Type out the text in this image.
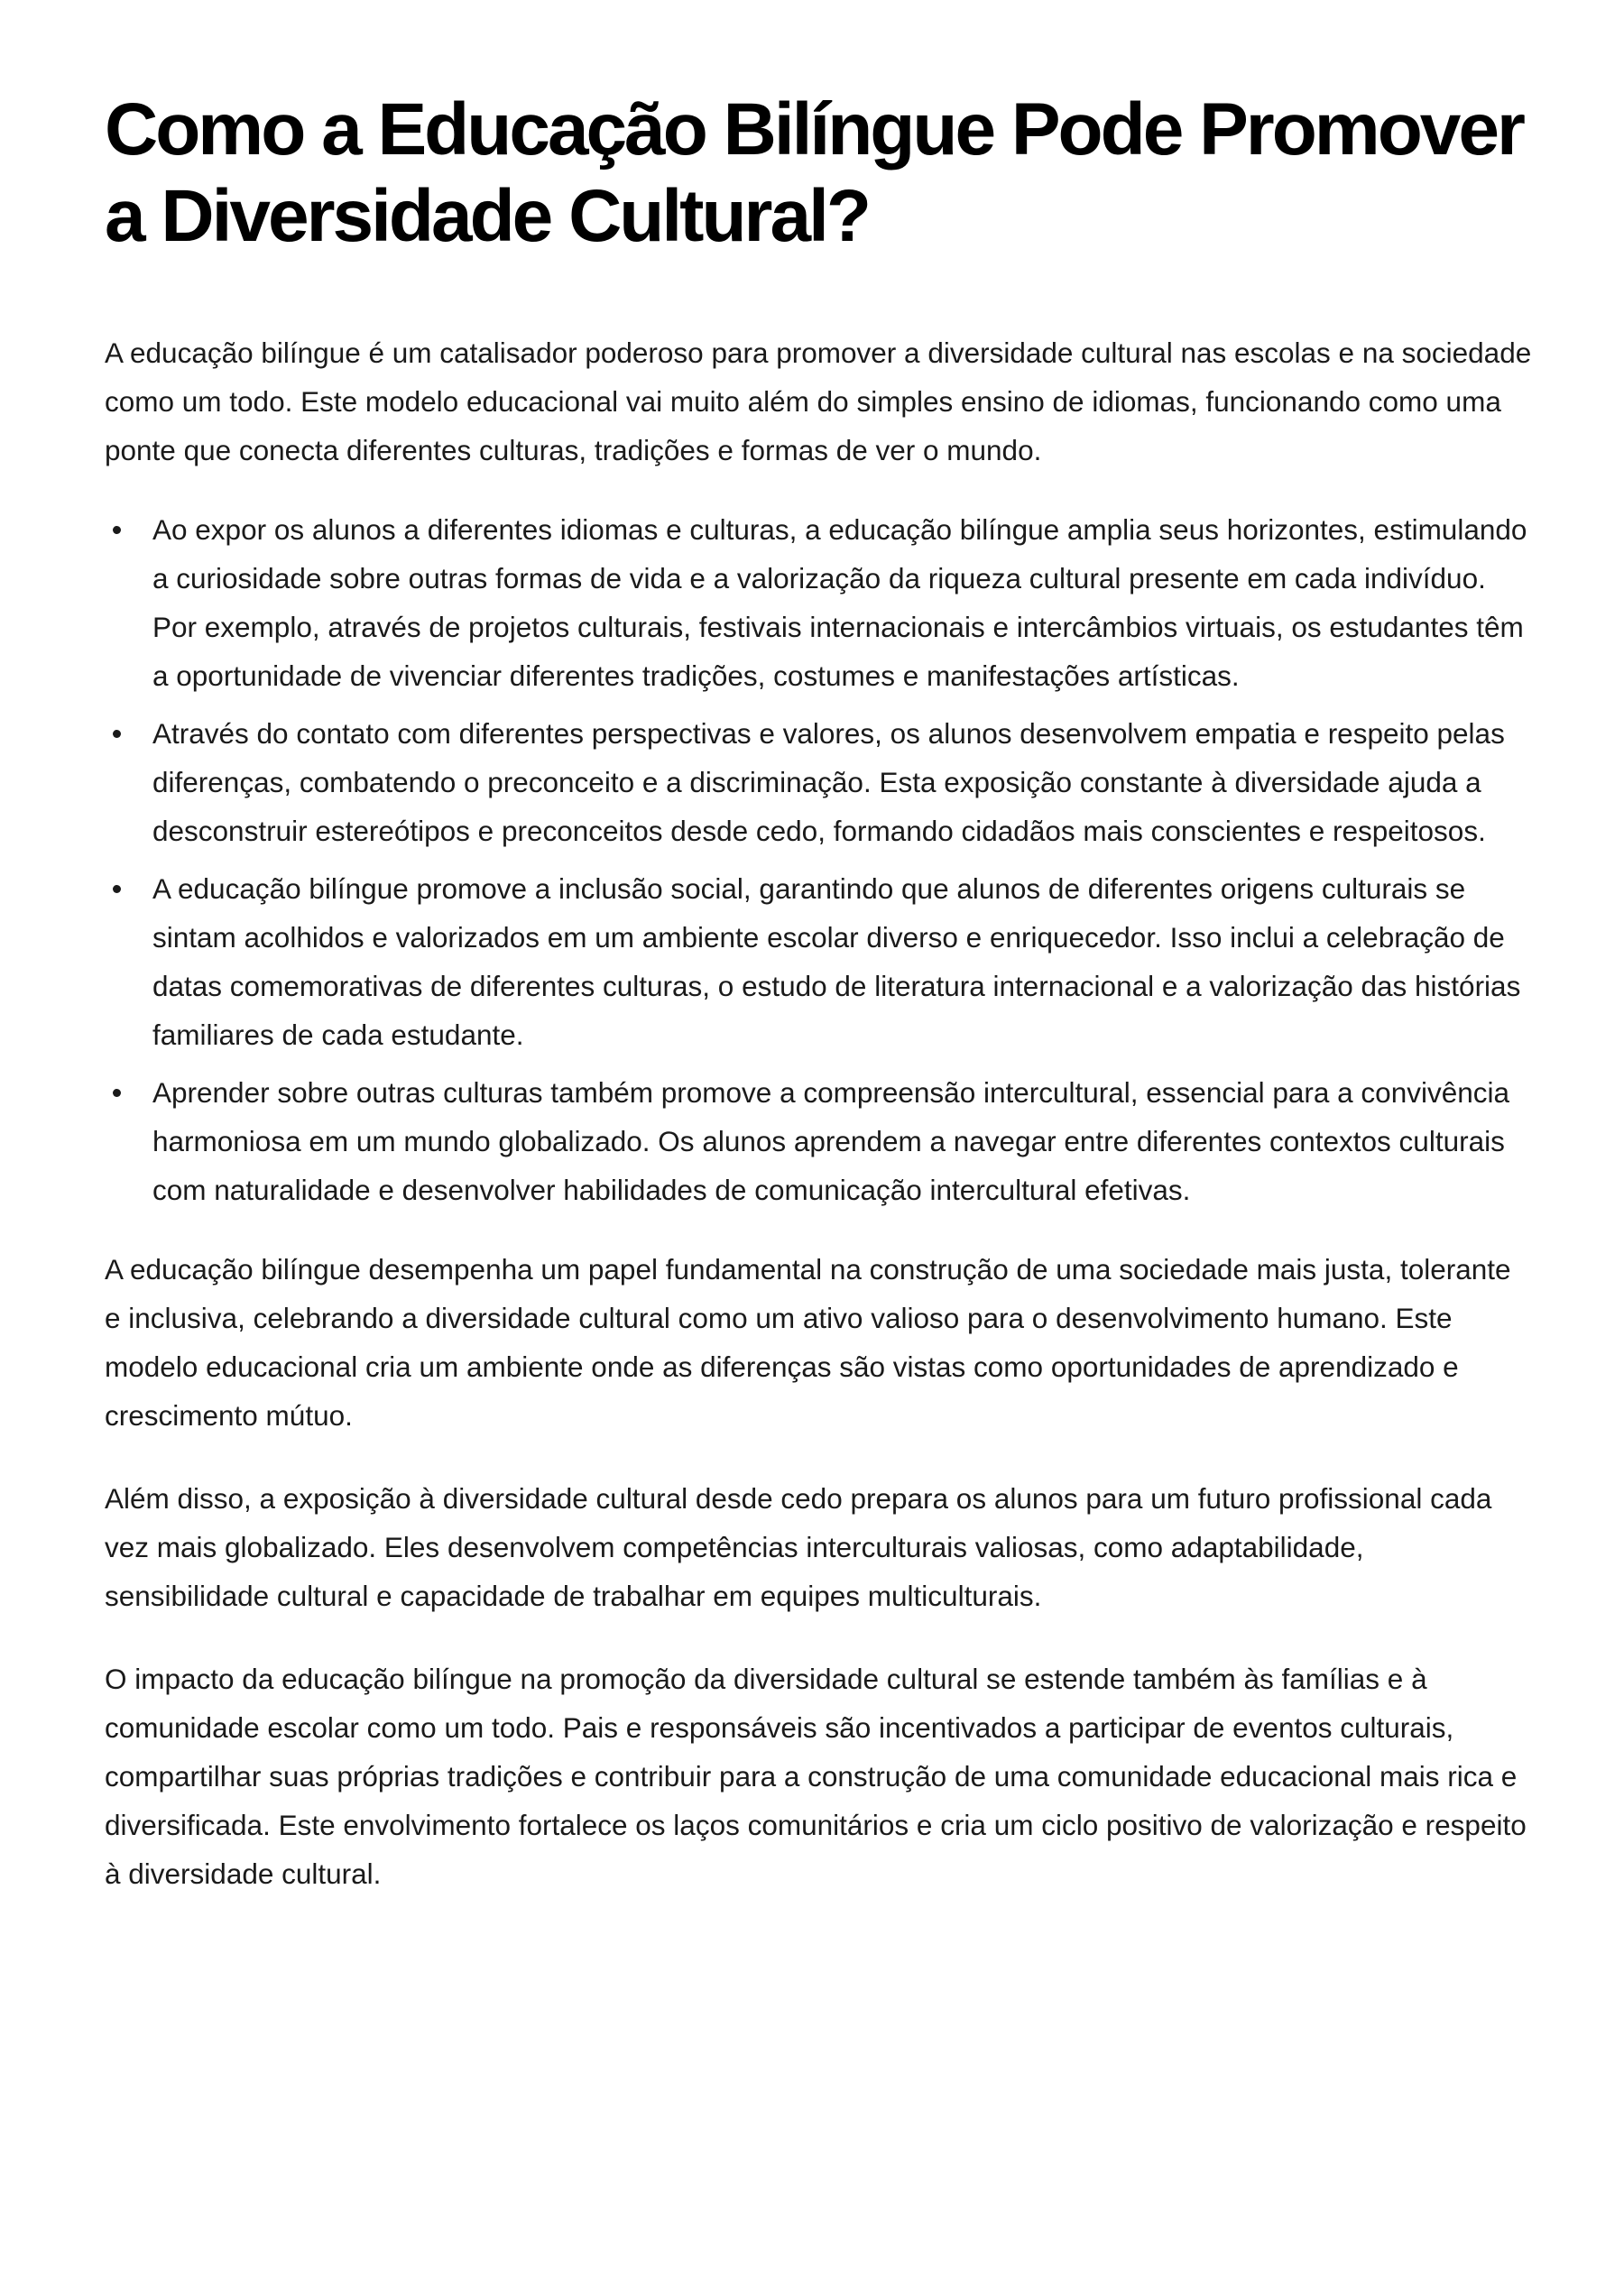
Como a Educação Bilíngue Pode Promover a Diversidade Cultural?

A educação bilíngue é um catalisador poderoso para promover a diversidade cultural nas escolas e na sociedade como um todo. Este modelo educacional vai muito além do simples ensino de idiomas, funcionando como uma ponte que conecta diferentes culturas, tradições e formas de ver o mundo.

Ao expor os alunos a diferentes idiomas e culturas, a educação bilíngue amplia seus horizontes, estimulando a curiosidade sobre outras formas de vida e a valorização da riqueza cultural presente em cada indivíduo. Por exemplo, através de projetos culturais, festivais internacionais e intercâmbios virtuais, os estudantes têm a oportunidade de vivenciar diferentes tradições, costumes e manifestações artísticas.
Através do contato com diferentes perspectivas e valores, os alunos desenvolvem empatia e respeito pelas diferenças, combatendo o preconceito e a discriminação. Esta exposição constante à diversidade ajuda a desconstruir estereótipos e preconceitos desde cedo, formando cidadãos mais conscientes e respeitosos.
A educação bilíngue promove a inclusão social, garantindo que alunos de diferentes origens culturais se sintam acolhidos e valorizados em um ambiente escolar diverso e enriquecedor. Isso inclui a celebração de datas comemorativas de diferentes culturas, o estudo de literatura internacional e a valorização das histórias familiares de cada estudante.
Aprender sobre outras culturas também promove a compreensão intercultural, essencial para a convivência harmoniosa em um mundo globalizado. Os alunos aprendem a navegar entre diferentes contextos culturais com naturalidade e desenvolver habilidades de comunicação intercultural efetivas.

A educação bilíngue desempenha um papel fundamental na construção de uma sociedade mais justa, tolerante e inclusiva, celebrando a diversidade cultural como um ativo valioso para o desenvolvimento humano. Este modelo educacional cria um ambiente onde as diferenças são vistas como oportunidades de aprendizado e crescimento mútuo.

Além disso, a exposição à diversidade cultural desde cedo prepara os alunos para um futuro profissional cada vez mais globalizado. Eles desenvolvem competências interculturais valiosas, como adaptabilidade, sensibilidade cultural e capacidade de trabalhar em equipes multiculturais.

O impacto da educação bilíngue na promoção da diversidade cultural se estende também às famílias e à comunidade escolar como um todo. Pais e responsáveis são incentivados a participar de eventos culturais, compartilhar suas próprias tradições e contribuir para a construção de uma comunidade educacional mais rica e diversificada. Este envolvimento fortalece os laços comunitários e cria um ciclo positivo de valorização e respeito à diversidade cultural.
